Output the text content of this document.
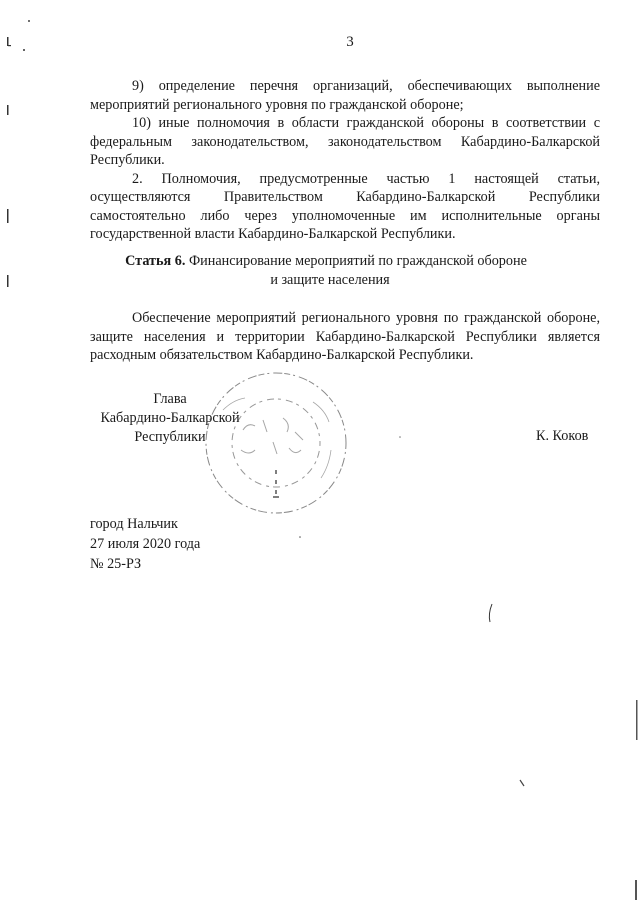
3

9) определение перечня организаций, обеспечивающих выполнение мероприятий регионального уровня по гражданской обороне;

10) иные полномочия в области гражданской обороны в соответствии с федеральным законодательством, законодательством Кабардино-Балкарской Республики.

2. Полномочия, предусмотренные частью 1 настоящей статьи, осуществляются Правительством Кабардино-Балкарской Республики самостоятельно либо через уполномоченные им исполнительные органы государственной власти Кабардино-Балкарской Республики.

Статья 6. Финансирование мероприятий по гражданской обороне
и защите населения

Обеспечение мероприятий регионального уровня по гражданской обороне, защите населения и территории Кабардино-Балкарской Республики является расходным обязательством Кабардино-Балкарской Республики.

Глава
Кабардино-Балкарской
Республики	К. Коков
город Нальчик
27 июля 2020 года
№ 25-РЗ
